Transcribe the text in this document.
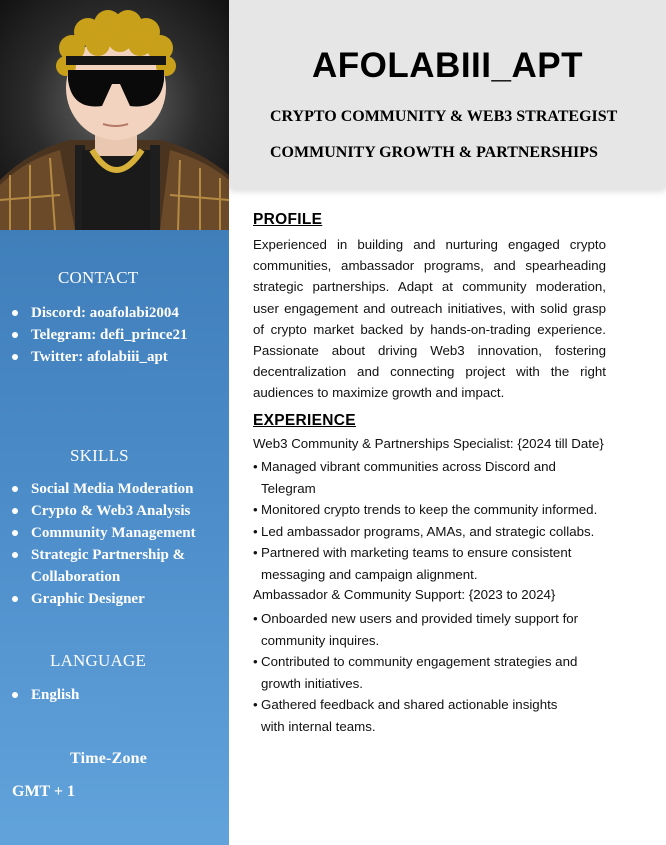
CONTACT
Discord: aoafolabi2004
Telegram: defi_prince21
Twitter: afolabiii_apt
SKILLS
Social Media Moderation
Crypto & Web3 Analysis
Community Management
Strategic Partnership & Collaboration
Graphic Designer
LANGUAGE
English
Time-Zone
GMT + 1
AFOLABIII_APT
CRYPTO COMMUNITY & WEB3 STRATEGIST
COMMUNITY GROWTH & PARTNERSHIPS
PROFILE
Experienced in building and nurturing engaged crypto communities, ambassador programs, and spearheading strategic partnerships. Adapt at community moderation, user engagement and outreach initiatives, with solid grasp of crypto market backed by hands-on-trading experience. Passionate about driving Web3 innovation, fostering decentralization and connecting project with the right audiences to maximize growth and impact.
EXPERIENCE
Web3 Community & Partnerships Specialist: {2024 till Date}
• Managed vibrant communities across Discord and Telegram
• Monitored crypto trends to keep the community informed.
• Led ambassador programs, AMAs, and strategic collabs.
• Partnered with marketing teams to ensure consistent messaging and campaign alignment.
Ambassador & Community Support: {2023 to 2024}
• Onboarded new users and provided timely support for community inquires.
• Contributed to community engagement strategies and growth initiatives.
• Gathered feedback and shared actionable insights with internal teams.
